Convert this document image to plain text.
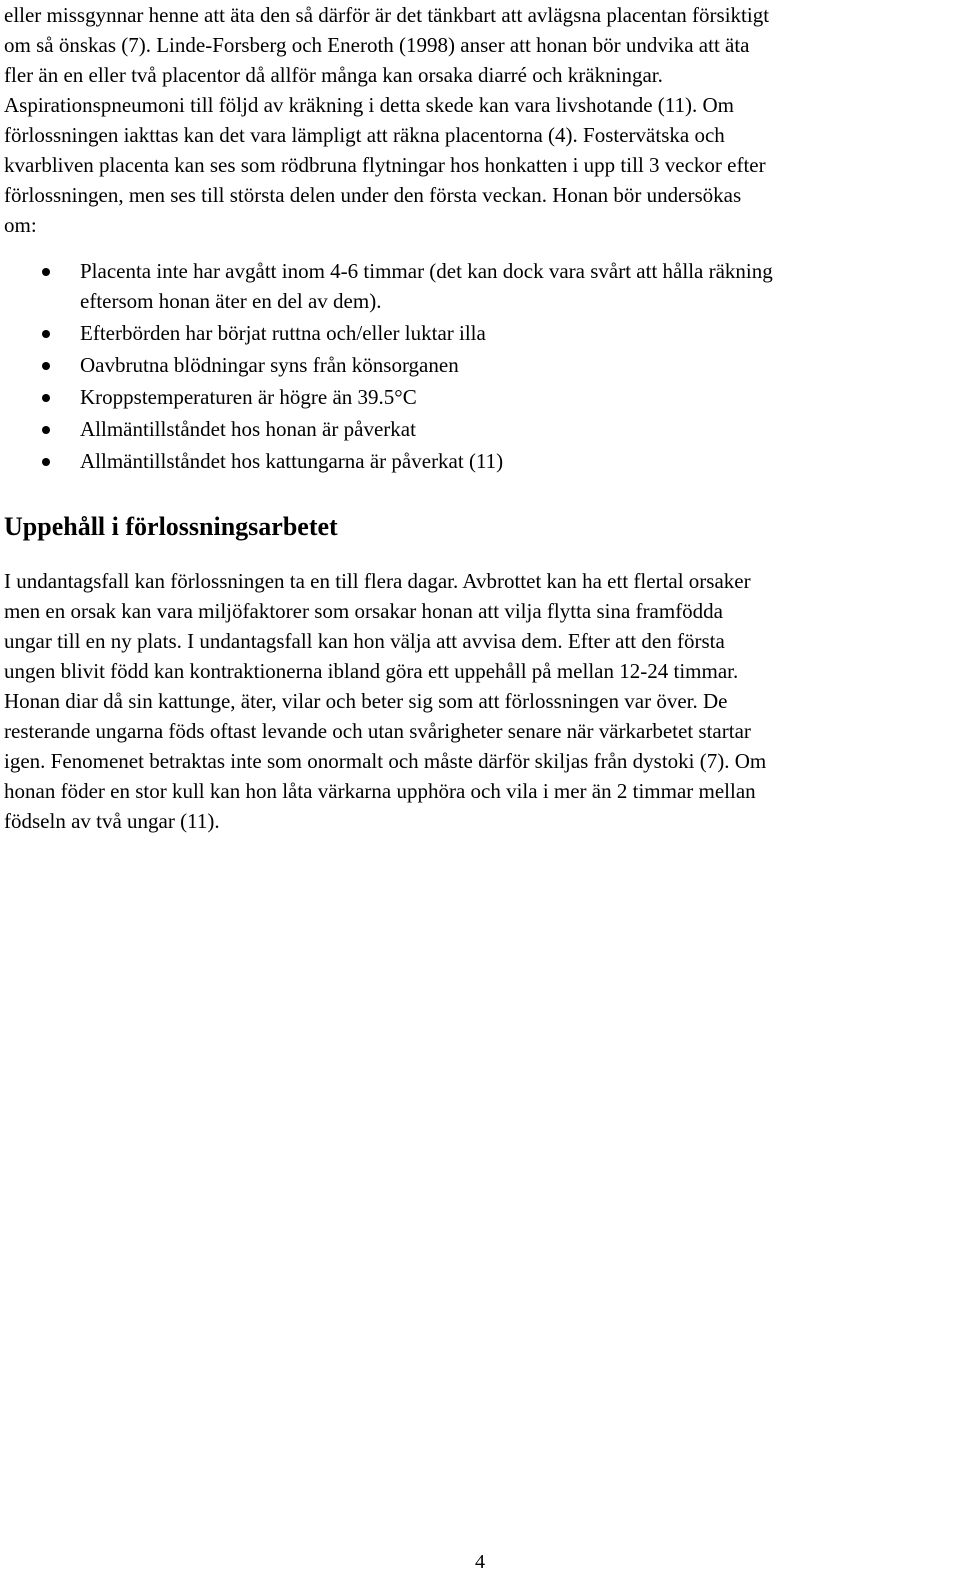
eller missgynnar henne att äta den så därför är det tänkbart att avlägsna placentan försiktigt
om så önskas (7). Linde-Forsberg och Eneroth (1998) anser att honan bör undvika att äta
fler än en eller två placentor då allför många kan orsaka diarré och kräkningar.
Aspirationspneumoni till följd av kräkning i detta skede kan vara livshotande (11). Om
förlossningen iakttas kan det vara lämpligt att räkna placentorna (4). Fostervätska och
kvarbliven placenta kan ses som rödbruna flytningar hos honkatten i upp till 3 veckor efter
förlossningen, men ses till största delen under den första veckan. Honan bör undersökas
om:

Placenta inte har avgått inom 4-6 timmar (det kan dock vara svårt att hålla räkning
eftersom honan äter en del av dem).
Efterbörden har börjat ruttna och/eller luktar illa
Oavbrutna blödningar syns från könsorganen
Kroppstemperaturen är högre än 39.5°C
Allmäntillståndet hos honan är påverkat
Allmäntillståndet hos kattungarna är påverkat (11)
Uppehåll i förlossningsarbetet

I undantagsfall kan förlossningen ta en till flera dagar. Avbrottet kan ha ett flertal orsaker
men en orsak kan vara miljöfaktorer som orsakar honan att vilja flytta sina framfödda
ungar till en ny plats. I undantagsfall kan hon välja att avvisa dem. Efter att den första
ungen blivit född kan kontraktionerna ibland göra ett uppehåll på mellan 12-24 timmar.
Honan diar då sin kattunge, äter, vilar och beter sig som att förlossningen var över. De
resterande ungarna föds oftast levande och utan svårigheter senare när värkarbetet startar
igen. Fenomenet betraktas inte som onormalt och måste därför skiljas från dystoki (7). Om
honan föder en stor kull kan hon låta värkarna upphöra och vila i mer än 2 timmar mellan
födseln av två ungar (11).

4
